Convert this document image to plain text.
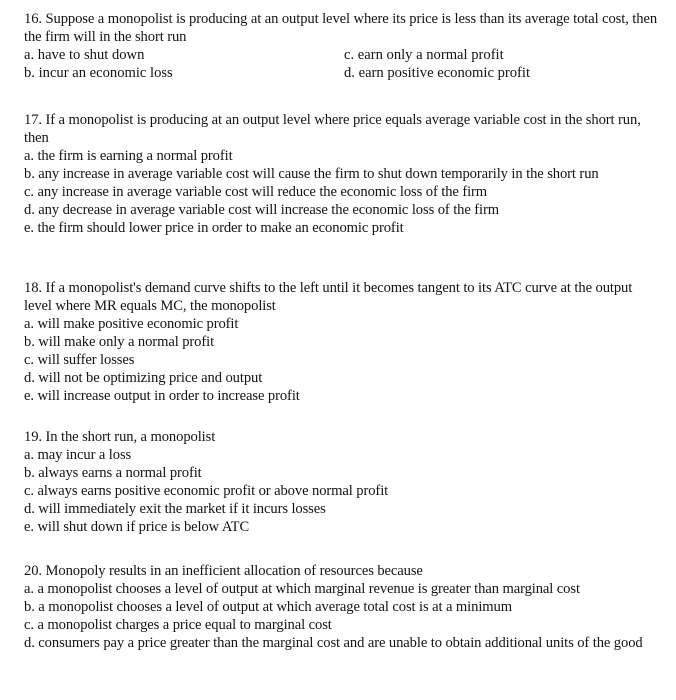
16. Suppose a monopolist is producing at an output level where its price is less than its average total cost, then the firm will in the short run
a. have to shut down
b. incur an economic loss
c. earn only a normal profit
d. earn positive economic profit
17. If a monopolist is producing at an output level where price equals average variable cost in the short run, then
a. the firm is earning a normal profit
b. any increase in average variable cost will cause the firm to shut down temporarily in the short run
c. any increase in average variable cost will reduce the economic loss of the firm
d. any decrease in average variable cost will increase the economic loss of the firm
e. the firm should lower price in order to make an economic profit
18. If a monopolist's demand curve shifts to the left until it becomes tangent to its ATC curve at the output level where MR equals MC, the monopolist
a. will make positive economic profit
b. will make only a normal profit
c. will suffer losses
d. will not be optimizing price and output
e. will increase output in order to increase profit
19. In the short run, a monopolist
a. may incur a loss
b. always earns a normal profit
c. always earns positive economic profit or above normal profit
d. will immediately exit the market if it incurs losses
e. will shut down if price is below ATC
20. Monopoly results in an inefficient allocation of resources because
a. a monopolist chooses a level of output at which marginal revenue is greater than marginal cost
b. a monopolist chooses a level of output at which average total cost is at a minimum
c. a monopolist charges a price equal to marginal cost
d. consumers pay a price greater than the marginal cost and are unable to obtain additional units of the good
